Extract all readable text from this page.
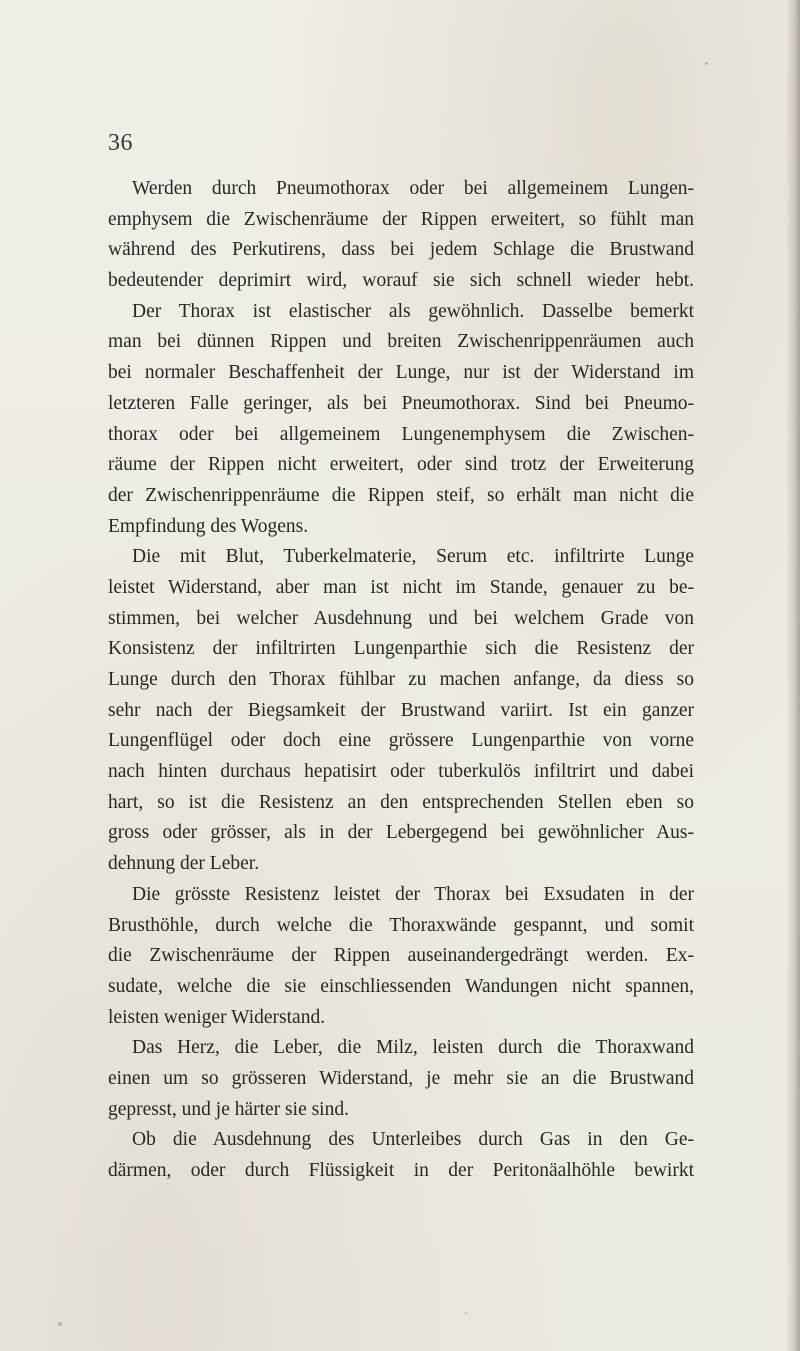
36
Werden durch Pneumothorax oder bei allgemeinem Lungen-
emphysem die Zwischenräume der Rippen erweitert, so fühlt man
während des Perkutirens, dass bei jedem Schlage die Brustwand
bedeutender deprimirt wird, worauf sie sich schnell wieder hebt.
Der Thorax ist elastischer als gewöhnlich. Dasselbe bemerkt
man bei dünnen Rippen und breiten Zwischenrippenräumen auch
bei normaler Beschaffenheit der Lunge, nur ist der Widerstand im
letzteren Falle geringer, als bei Pneumothorax. Sind bei Pneumo-
thorax oder bei allgemeinem Lungenemphysem die Zwischen-
räume der Rippen nicht erweitert, oder sind trotz der Erweiterung
der Zwischenrippenräume die Rippen steif, so erhält man nicht die
Empfindung des Wogens.
Die mit Blut, Tuberkelmaterie, Serum etc. infiltrirte Lunge
leistet Widerstand, aber man ist nicht im Stande, genauer zu be-
stimmen, bei welcher Ausdehnung und bei welchem Grade von
Konsistenz der infiltrirten Lungenparthie sich die Resistenz der
Lunge durch den Thorax fühlbar zu machen anfange, da diess so
sehr nach der Biegsamkeit der Brustwand variirt. Ist ein ganzer
Lungenflügel oder doch eine grössere Lungenparthie von vorne
nach hinten durchaus hepatisirt oder tuberkulös infiltrirt und dabei
hart, so ist die Resistenz an den entsprechenden Stellen eben so
gross oder grösser, als in der Lebergegend bei gewöhnlicher Aus-
dehnung der Leber.
Die grösste Resistenz leistet der Thorax bei Exsudaten in der
Brusthöhle, durch welche die Thoraxwände gespannt, und somit
die Zwischenräume der Rippen auseinandergedrängt werden. Ex-
sudate, welche die sie einschliessenden Wandungen nicht spannen,
leisten weniger Widerstand.
Das Herz, die Leber, die Milz, leisten durch die Thoraxwand
einen um so grösseren Widerstand, je mehr sie an die Brustwand
gepresst, und je härter sie sind.
Ob die Ausdehnung des Unterleibes durch Gas in den Ge-
därmen, oder durch Flüssigkeit in der Peritonäalhöhle bewirkt
